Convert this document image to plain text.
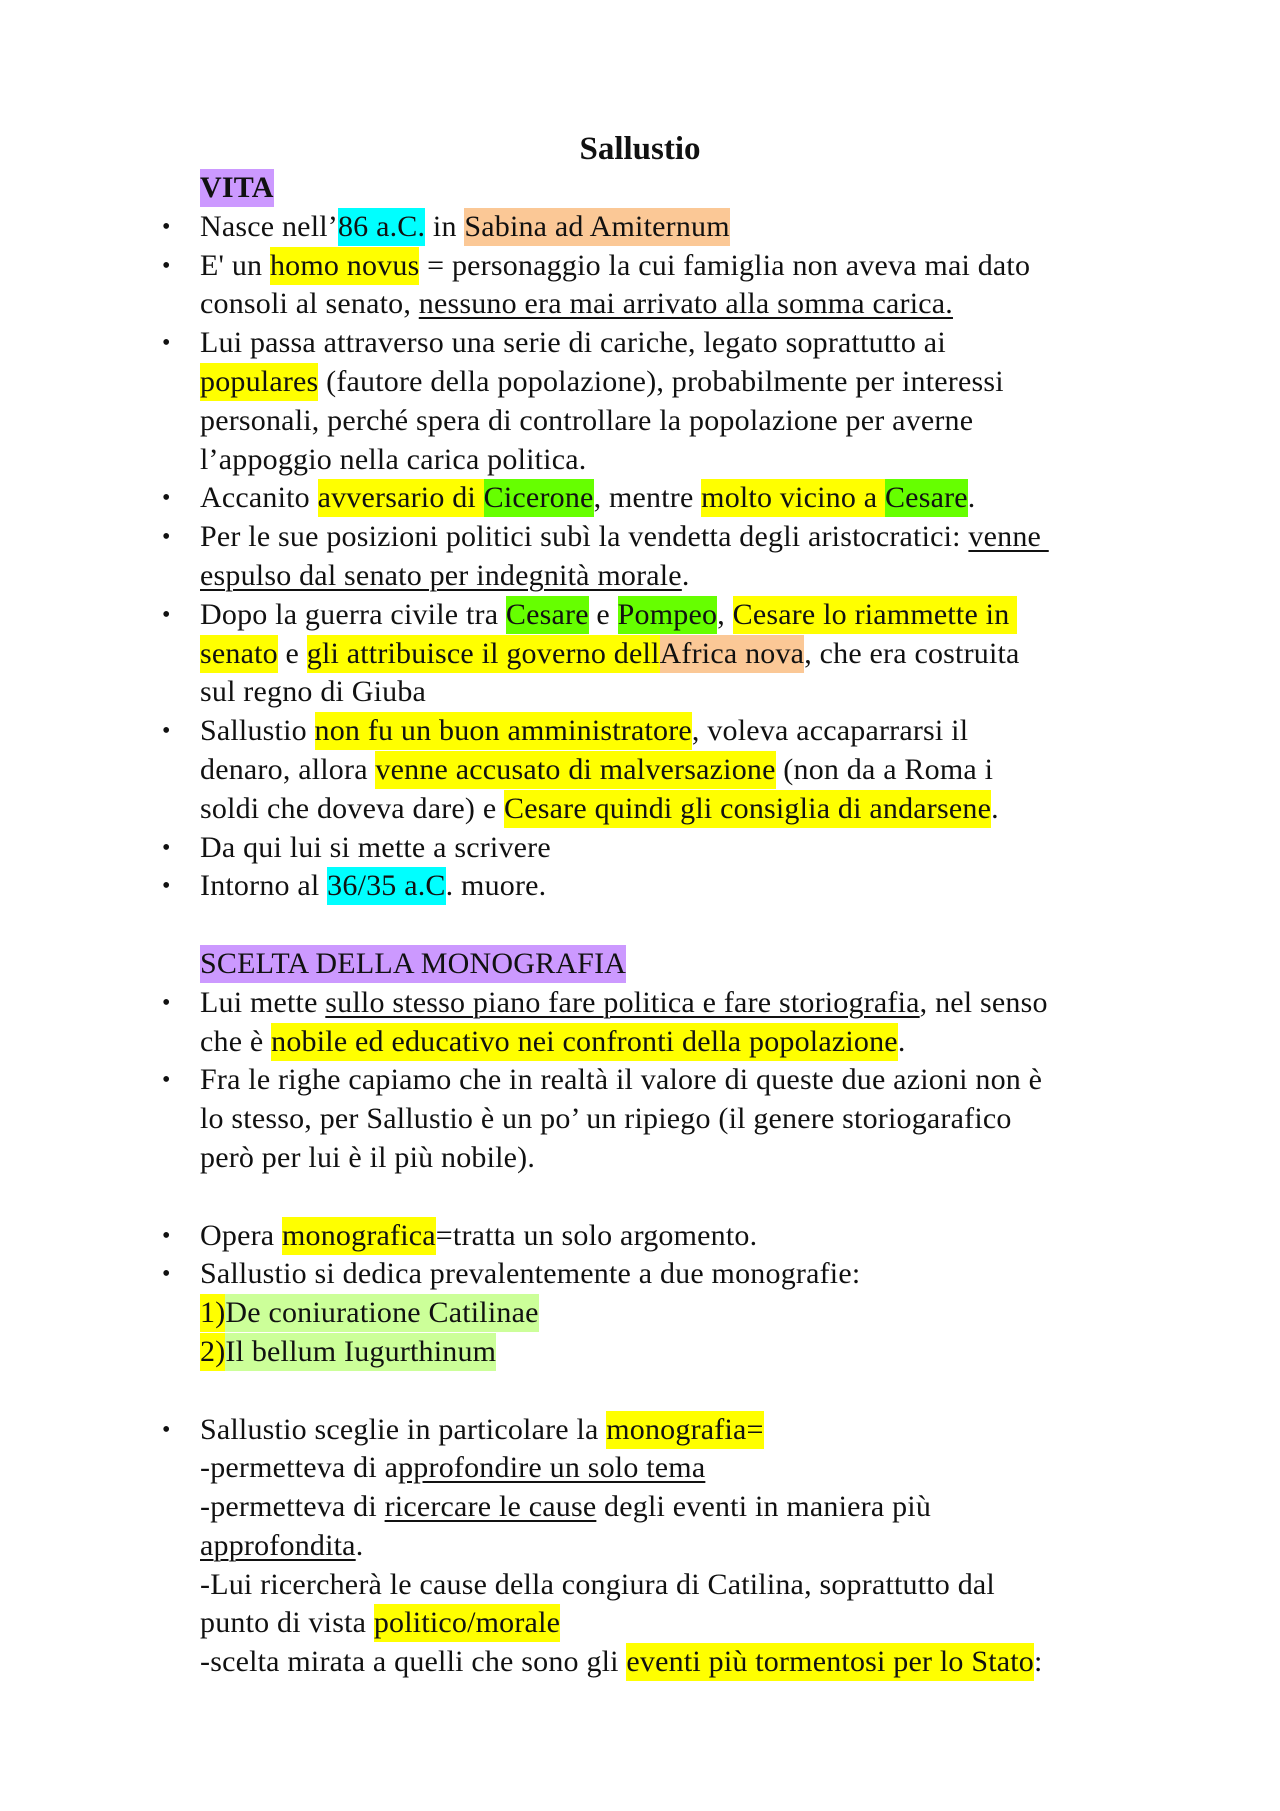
Sallustio
VITA
• Nasce nell’86 a.C. in Sabina ad Amiternum
• E' un homo novus = personaggio la cui famiglia non aveva mai dato
consoli al senato, nessuno era mai arrivato alla somma carica.
• Lui passa attraverso una serie di cariche, legato soprattutto ai
populares (fautore della popolazione), probabilmente per interessi
personali, perché spera di controllare la popolazione per averne
l’appoggio nella carica politica.
• Accanito avversario di Cicerone, mentre molto vicino a Cesare.
• Per le sue posizioni politici subì la vendetta degli aristocratici: venne
espulso dal senato per indegnità morale.
• Dopo la guerra civile tra Cesare e Pompeo, Cesare lo riammette in
senato e gli attribuisce il governo dellAfrica nova, che era costruita
sul regno di Giuba
• Sallustio non fu un buon amministratore, voleva accaparrarsi il
denaro, allora venne accusato di malversazione (non da a Roma i
soldi che doveva dare) e Cesare quindi gli consiglia di andarsene.
• Da qui lui si mette a scrivere
• Intorno al 36/35 a.C. muore.
SCELTA DELLA MONOGRAFIA
• Lui mette sullo stesso piano fare politica e fare storiografia, nel senso
che è nobile ed educativo nei confronti della popolazione.
• Fra le righe capiamo che in realtà il valore di queste due azioni non è
lo stesso, per Sallustio è un po’ un ripiego (il genere storiogarafico
però per lui è il più nobile).
• Opera monografica=tratta un solo argomento.
• Sallustio si dedica prevalentemente a due monografie:
1)De coniuratione Catilinae
2)Il bellum Iugurthinum
• Sallustio sceglie in particolare la monografia=
-permetteva di approfondire un solo tema
-permetteva di ricercare le cause degli eventi in maniera più
approfondita.
-Lui ricercherà le cause della congiura di Catilina, soprattutto dal
punto di vista politico/morale
-scelta mirata a quelli che sono gli eventi più tormentosi per lo Stato:
